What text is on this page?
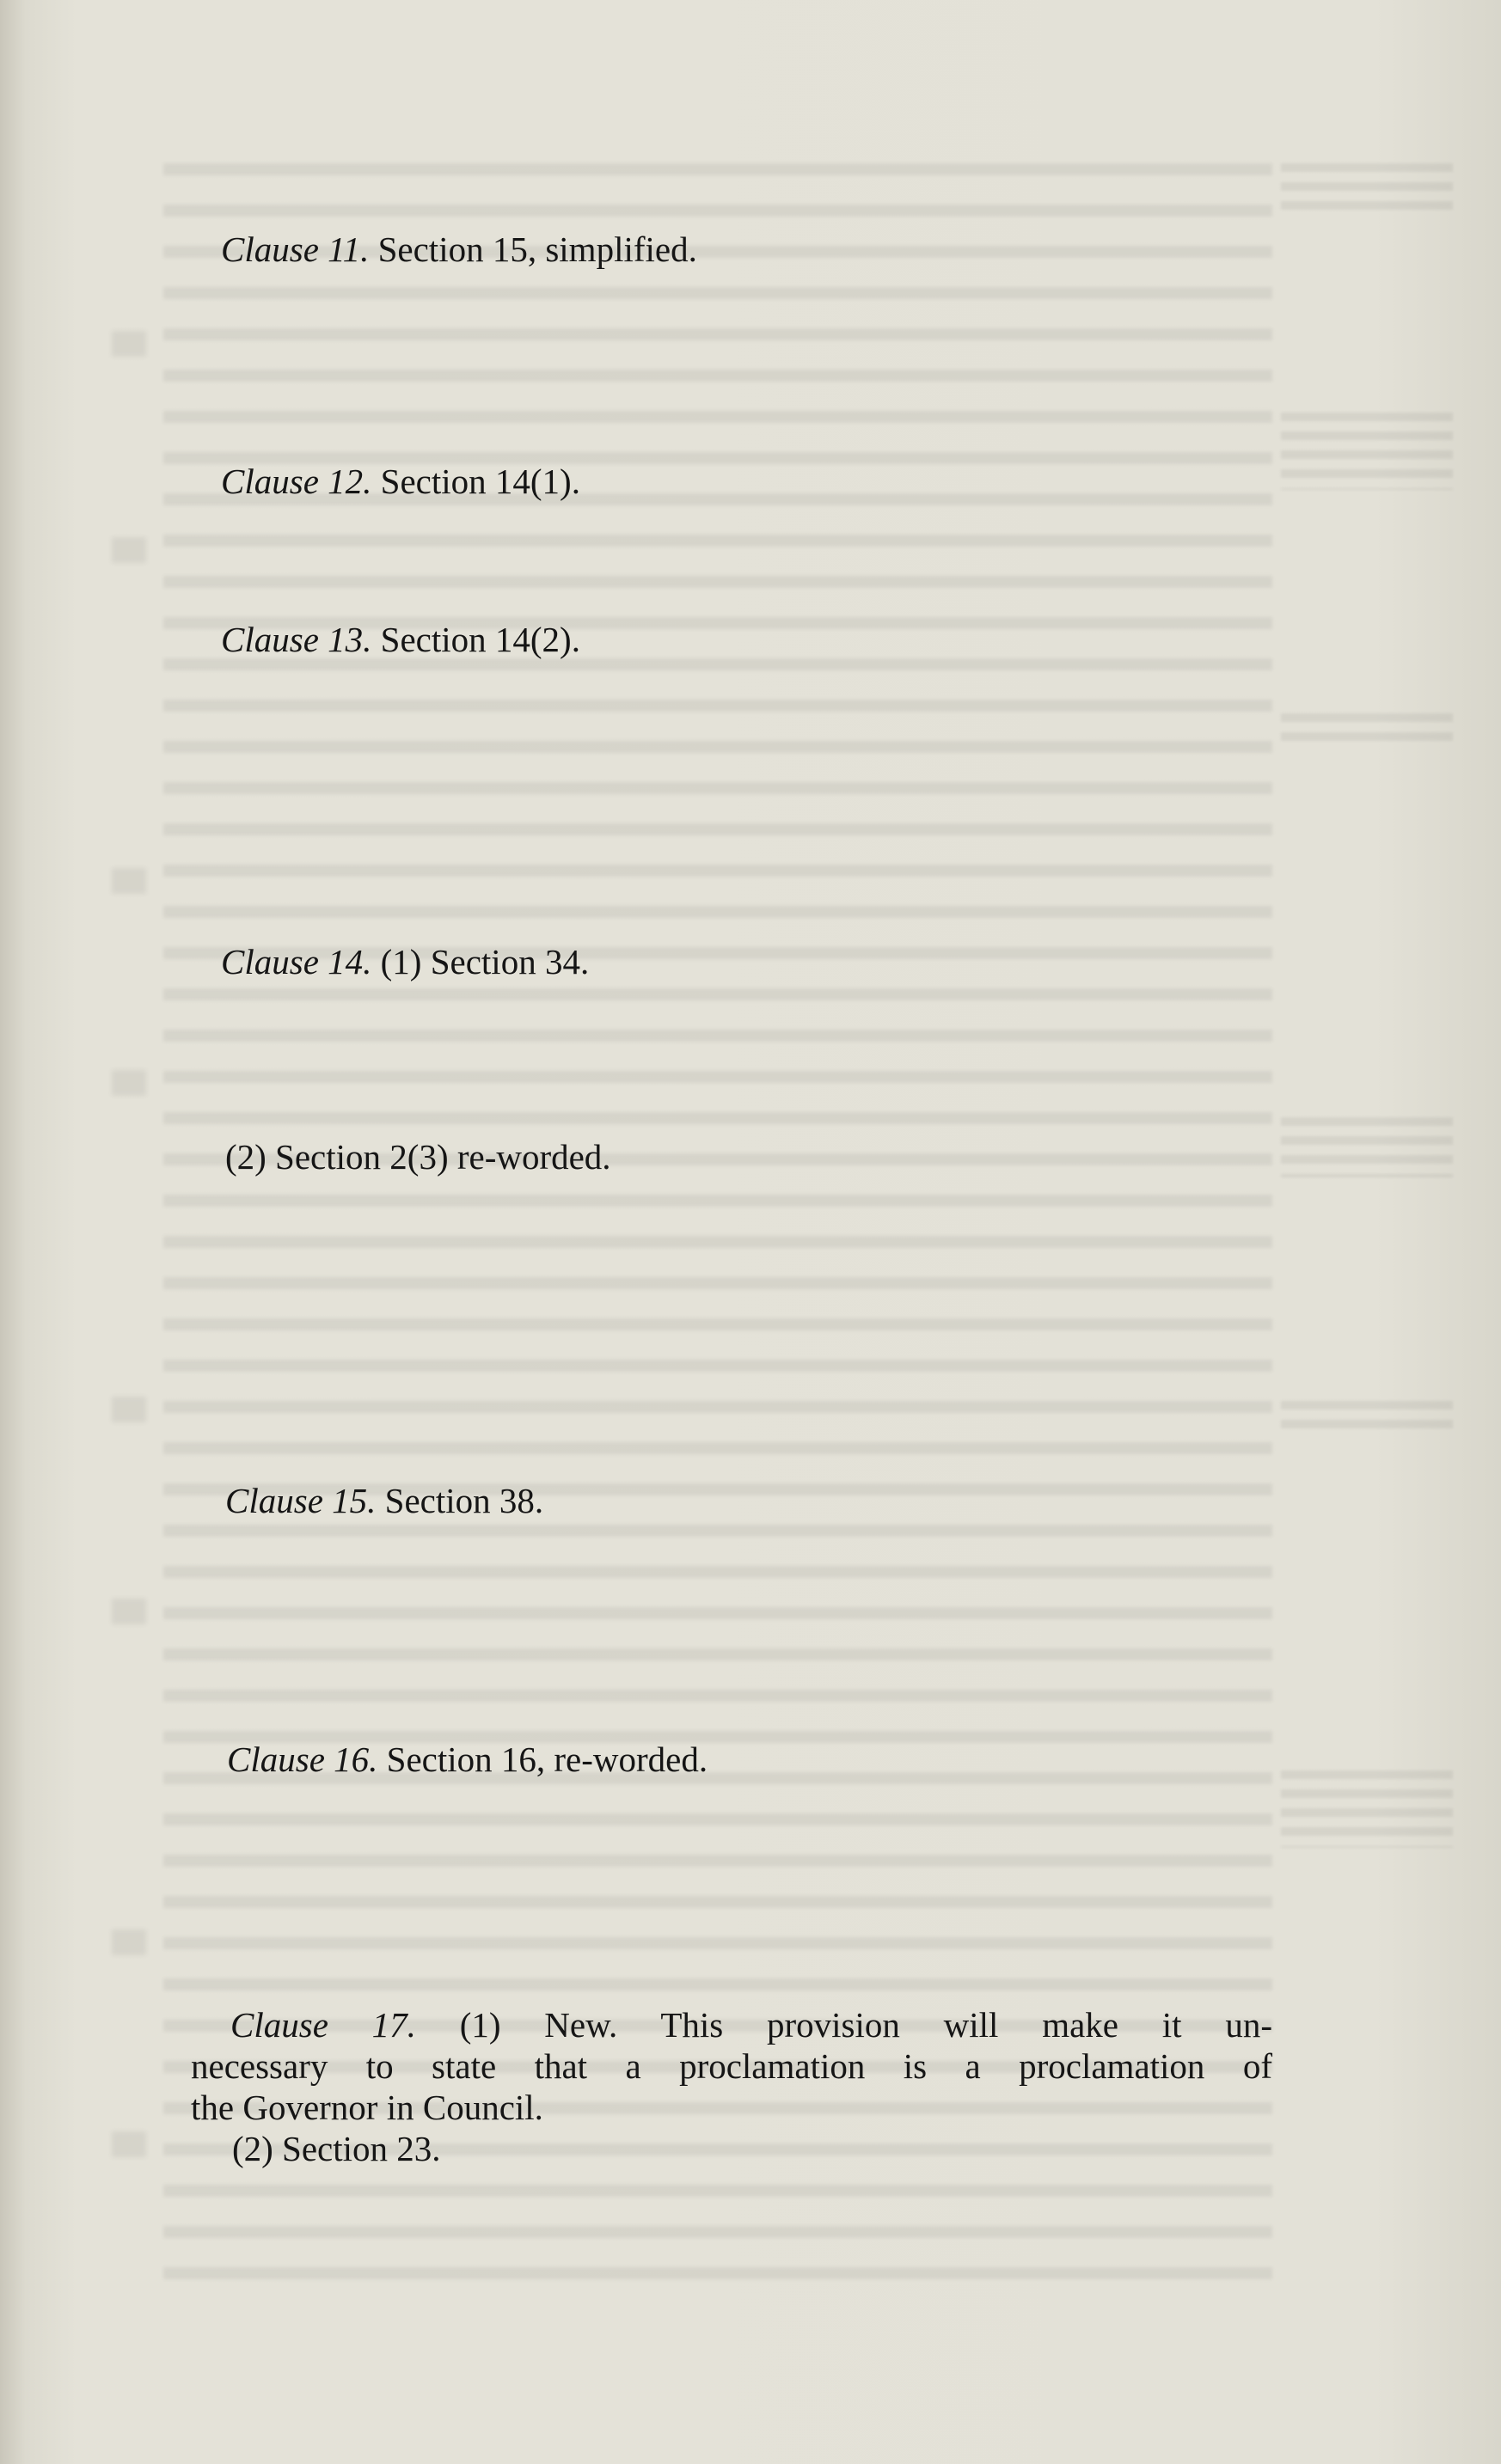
Clause 11. Section 15, simplified.
Clause 12. Section 14(1).
Clause 13. Section 14(2).
Clause 14. (1) Section 34.
(2) Section 2(3) re-worded.
Clause 15. Section 38.
Clause 16. Section 16, re-worded.
Clause 17. (1) New. This provision will make it un-
necessary to state that a proclamation is a proclamation of
the Governor in Council.
(2) Section 23.
